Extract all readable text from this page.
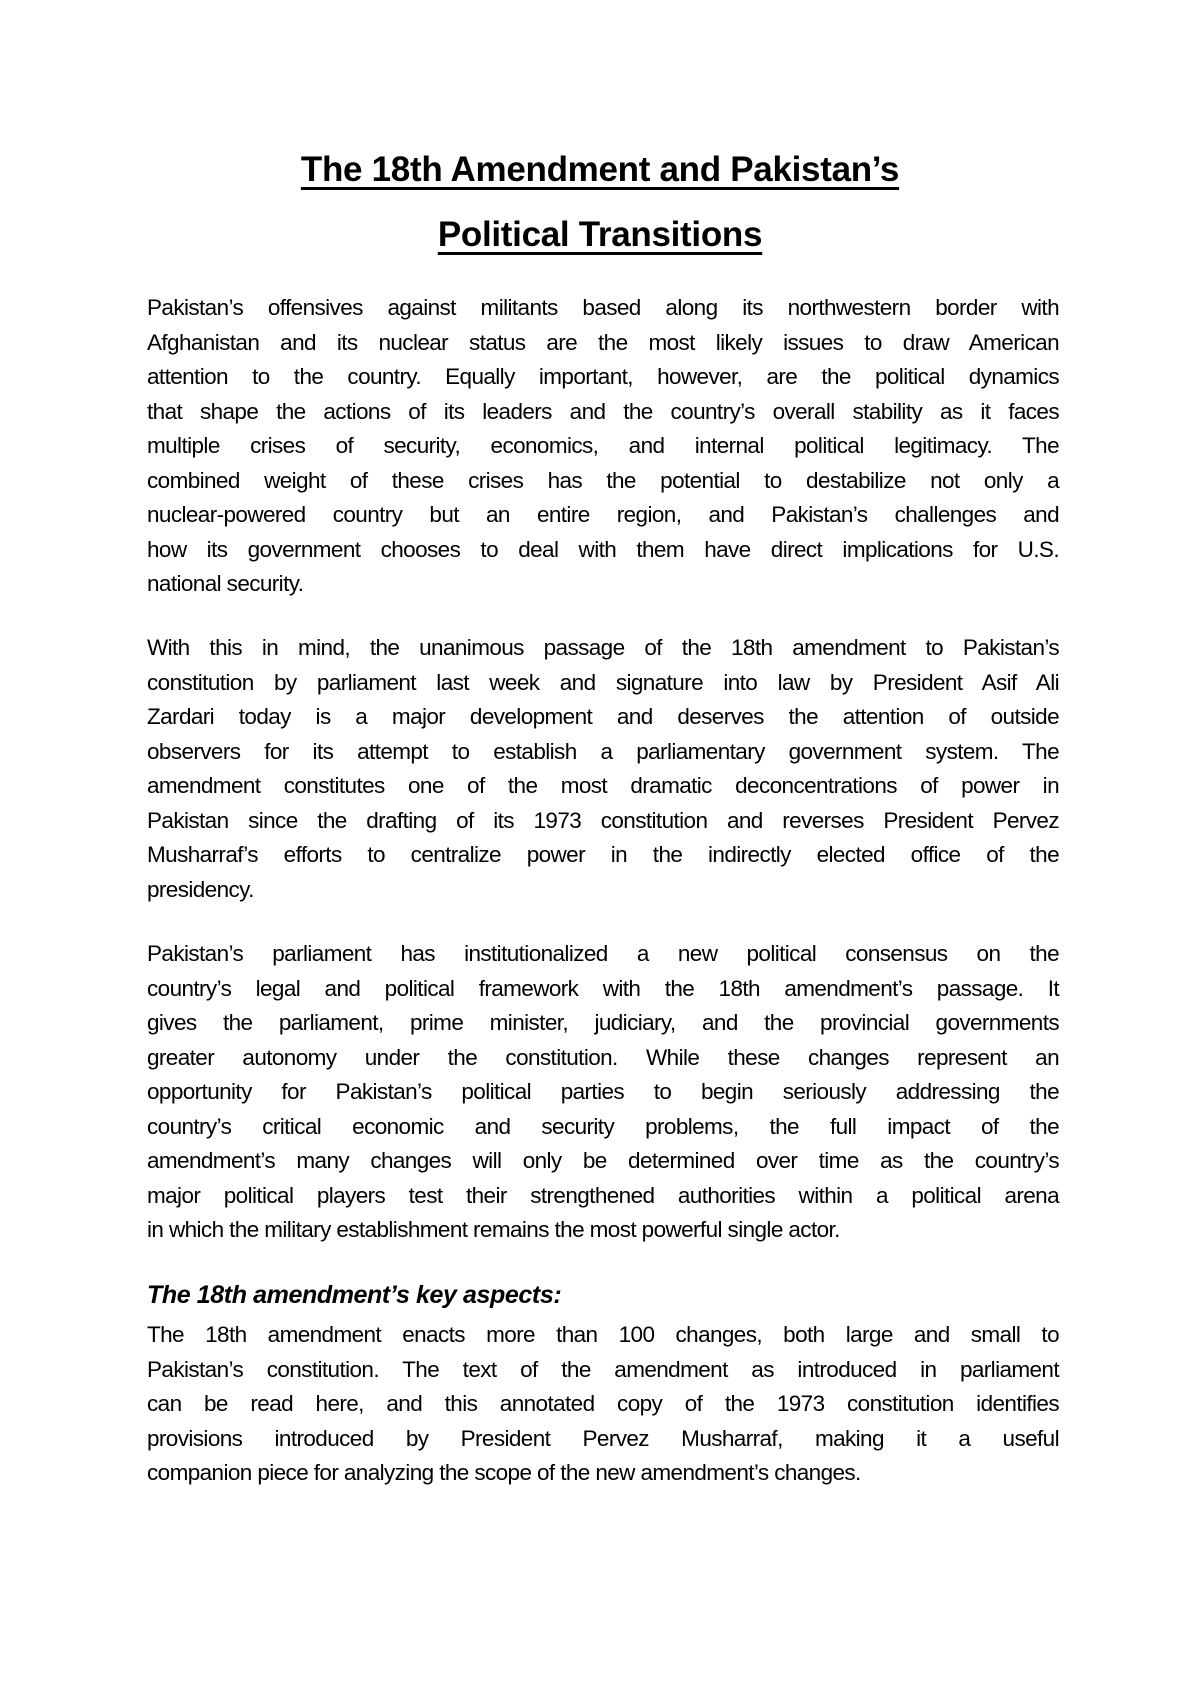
The 18th Amendment and Pakistan’s
Political Transitions
Pakistan’s offensives against militants based along its northwestern border with
Afghanistan and its nuclear status are the most likely issues to draw American
attention to the country. Equally important, however, are the political dynamics
that shape the actions of its leaders and the country’s overall stability as it faces
multiple crises of security, economics, and internal political legitimacy. The
combined weight of these crises has the potential to destabilize not only a
nuclear-powered country but an entire region, and Pakistan’s challenges and
how its government chooses to deal with them have direct implications for U.S.
national security.
With this in mind, the unanimous passage of the 18th amendment to Pakistan’s
constitution by parliament last week and signature into law by President Asif Ali
Zardari today is a major development and deserves the attention of outside
observers for its attempt to establish a parliamentary government system. The
amendment constitutes one of the most dramatic deconcentrations of power in
Pakistan since the drafting of its 1973 constitution and reverses President Pervez
Musharraf’s efforts to centralize power in the indirectly elected office of the
presidency.
Pakistan’s parliament has institutionalized a new political consensus on the
country’s legal and political framework with the 18th amendment’s passage. It
gives the parliament, prime minister, judiciary, and the provincial governments
greater autonomy under the constitution. While these changes represent an
opportunity for Pakistan’s political parties to begin seriously addressing the
country’s critical economic and security problems, the full impact of the
amendment’s many changes will only be determined over time as the country’s
major political players test their strengthened authorities within a political arena
in which the military establishment remains the most powerful single actor.
The 18th amendment’s key aspects:
The 18th amendment enacts more than 100 changes, both large and small to
Pakistan’s constitution. The text of the amendment as introduced in parliament
can be read here, and this annotated copy of the 1973 constitution identifies
provisions introduced by President Pervez Musharraf, making it a useful
companion piece for analyzing the scope of the new amendment’s changes.
